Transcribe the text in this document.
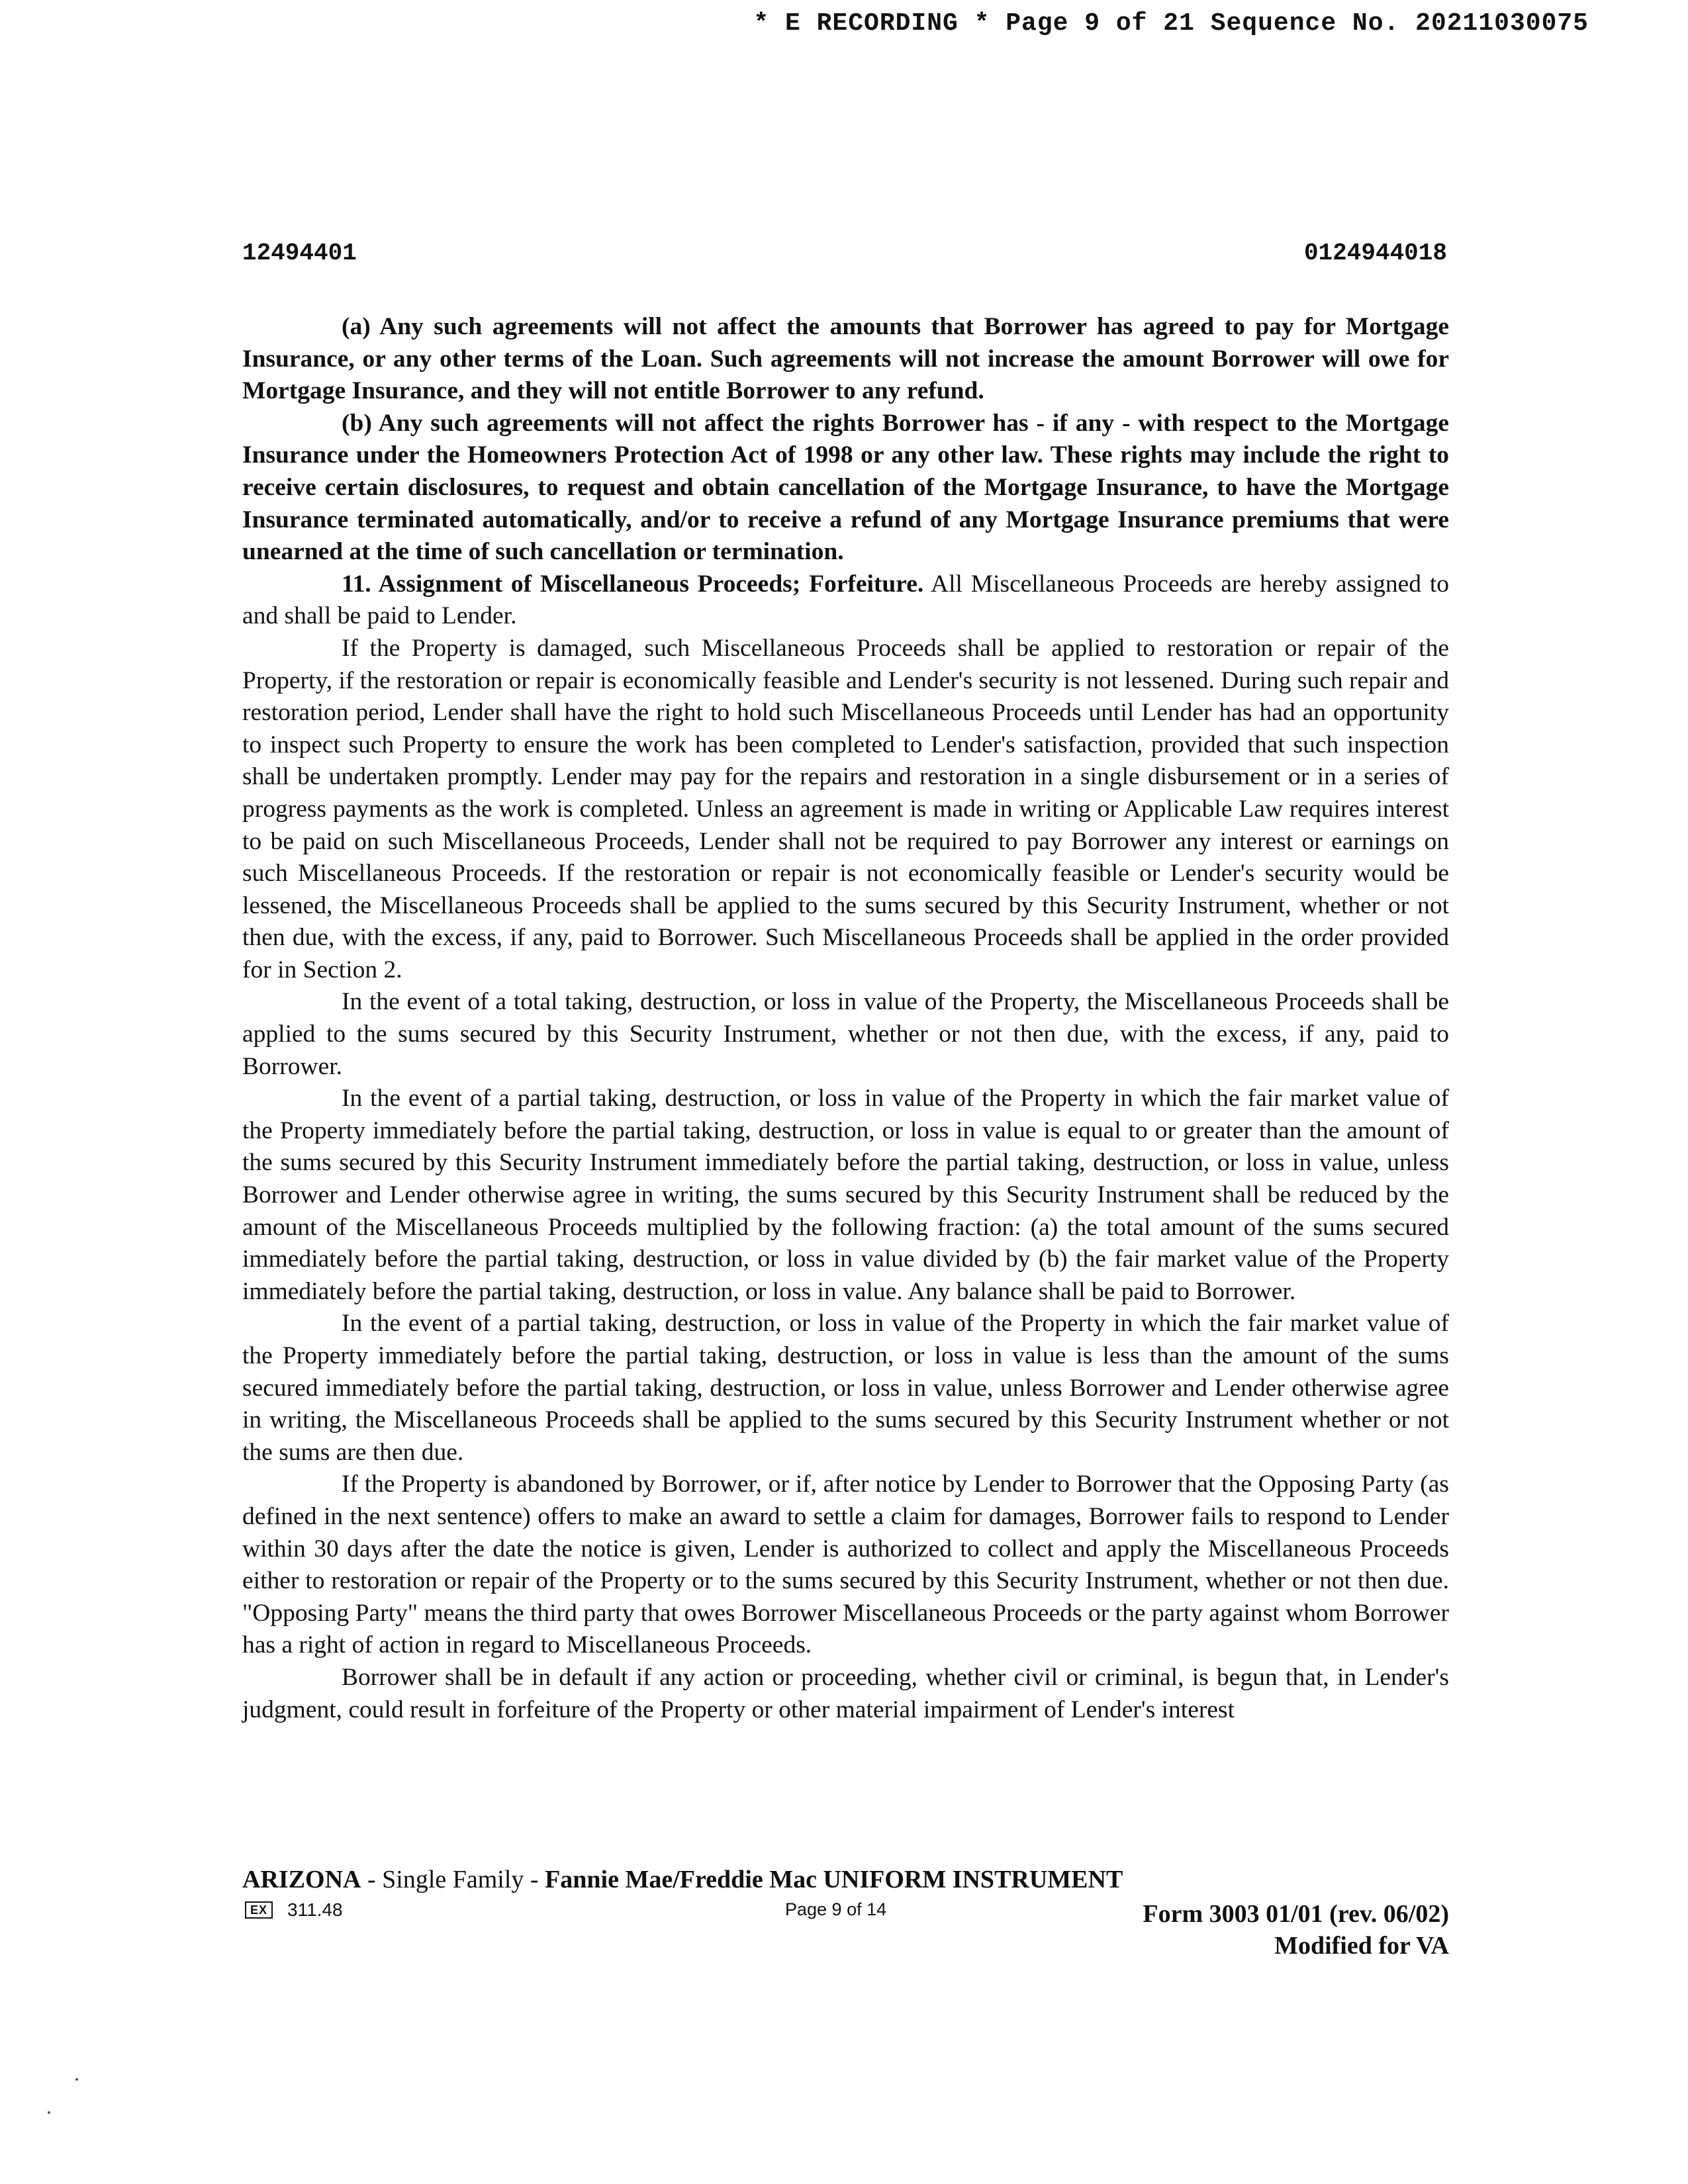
* E RECORDING * Page 9 of 21 Sequence No. 20211030075
12494401	0124944018

(a) Any such agreements will not affect the amounts that Borrower has agreed to pay for Mortgage Insurance, or any other terms of the Loan. Such agreements will not increase the amount Borrower will owe for Mortgage Insurance, and they will not entitle Borrower to any refund.

(b) Any such agreements will not affect the rights Borrower has - if any - with respect to the Mortgage Insurance under the Homeowners Protection Act of 1998 or any other law. These rights may include the right to receive certain disclosures, to request and obtain cancellation of the Mortgage Insurance, to have the Mortgage Insurance terminated automatically, and/or to receive a refund of any Mortgage Insurance premiums that were unearned at the time of such cancellation or termination.

11. Assignment of Miscellaneous Proceeds; Forfeiture. All Miscellaneous Proceeds are hereby assigned to and shall be paid to Lender.

If the Property is damaged, such Miscellaneous Proceeds shall be applied to restoration or repair of the Property, if the restoration or repair is economically feasible and Lender's security is not lessened. During such repair and restoration period, Lender shall have the right to hold such Miscellaneous Proceeds until Lender has had an opportunity to inspect such Property to ensure the work has been completed to Lender's satisfaction, provided that such inspection shall be undertaken promptly. Lender may pay for the repairs and restoration in a single disbursement or in a series of progress payments as the work is completed. Unless an agreement is made in writing or Applicable Law requires interest to be paid on such Miscellaneous Proceeds, Lender shall not be required to pay Borrower any interest or earnings on such Miscellaneous Proceeds. If the restoration or repair is not economically feasible or Lender's security would be lessened, the Miscellaneous Proceeds shall be applied to the sums secured by this Security Instrument, whether or not then due, with the excess, if any, paid to Borrower. Such Miscellaneous Proceeds shall be applied in the order provided for in Section 2.

In the event of a total taking, destruction, or loss in value of the Property, the Miscellaneous Proceeds shall be applied to the sums secured by this Security Instrument, whether or not then due, with the excess, if any, paid to Borrower.

In the event of a partial taking, destruction, or loss in value of the Property in which the fair market value of the Property immediately before the partial taking, destruction, or loss in value is equal to or greater than the amount of the sums secured by this Security Instrument immediately before the partial taking, destruction, or loss in value, unless Borrower and Lender otherwise agree in writing, the sums secured by this Security Instrument shall be reduced by the amount of the Miscellaneous Proceeds multiplied by the following fraction: (a) the total amount of the sums secured immediately before the partial taking, destruction, or loss in value divided by (b) the fair market value of the Property immediately before the partial taking, destruction, or loss in value. Any balance shall be paid to Borrower.

In the event of a partial taking, destruction, or loss in value of the Property in which the fair market value of the Property immediately before the partial taking, destruction, or loss in value is less than the amount of the sums secured immediately before the partial taking, destruction, or loss in value, unless Borrower and Lender otherwise agree in writing, the Miscellaneous Proceeds shall be applied to the sums secured by this Security Instrument whether or not the sums are then due.

If the Property is abandoned by Borrower, or if, after notice by Lender to Borrower that the Opposing Party (as defined in the next sentence) offers to make an award to settle a claim for damages, Borrower fails to respond to Lender within 30 days after the date the notice is given, Lender is authorized to collect and apply the Miscellaneous Proceeds either to restoration or repair of the Property or to the sums secured by this Security Instrument, whether or not then due. "Opposing Party" means the third party that owes Borrower Miscellaneous Proceeds or the party against whom Borrower has a right of action in regard to Miscellaneous Proceeds.

Borrower shall be in default if any action or proceeding, whether civil or criminal, is begun that, in Lender's judgment, could result in forfeiture of the Property or other material impairment of Lender's interest

ARIZONA - Single Family - Fannie Mae/Freddie Mac UNIFORM INSTRUMENT
EX 311.48	Page 9 of 14	Form 3003 01/01 (rev. 06/02)
Modified for VA
